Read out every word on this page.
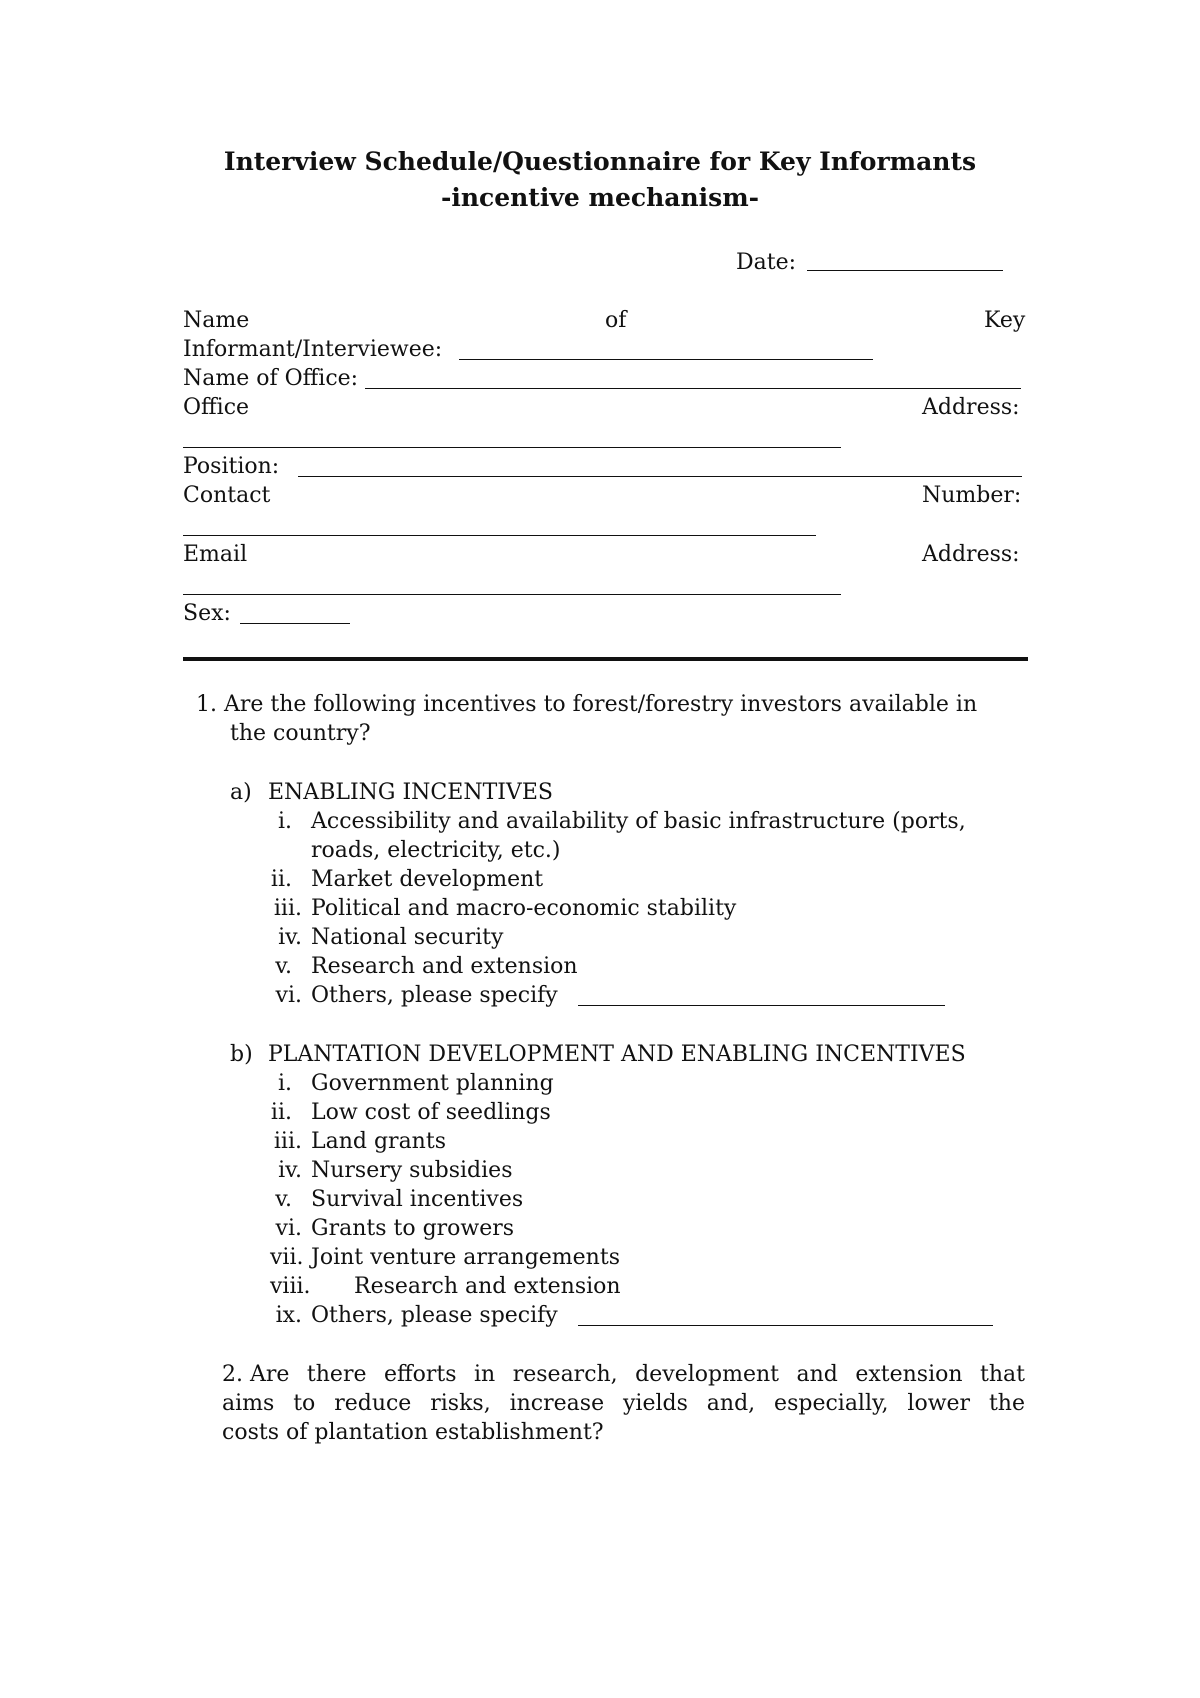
Interview Schedule/Questionnaire for Key Informants
-incentive mechanism-
Date:
Name	of	Key
Informant/Interviewee:
Name of Office:
Office	Address:
Position:
Contact	Number:
Email	Address:
Sex:
1. Are the following incentives to forest/forestry investors available in
the country?
a) ENABLING INCENTIVES
i. Accessibility and availability of basic infrastructure (ports,
roads, electricity, etc.)
ii. Market development
iii. Political and macro-economic stability
iv. National security
v. Research and extension
vi. Others, please specify
b) PLANTATION DEVELOPMENT AND ENABLING INCENTIVES
i. Government planning
ii. Low cost of seedlings
iii. Land grants
iv. Nursery subsidies
v. Survival incentives
vi. Grants to growers
vii. Joint venture arrangements
viii. Research and extension
ix. Others, please specify
2. Are there efforts in research, development and extension that
aims to reduce risks, increase yields and, especially, lower the
costs of plantation establishment?
